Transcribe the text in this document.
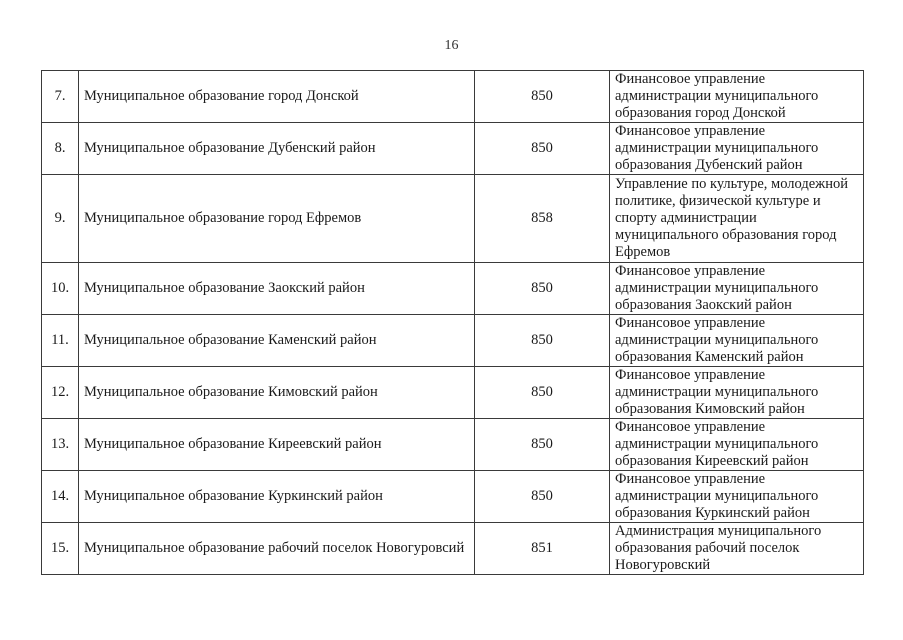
16
7.	Муниципальное образование город Донской	850	Финансовое управление
администрации муниципального
образования город Донской
8.	Муниципальное образование Дубенский район	850	Финансовое управление
администрации муниципального
образования Дубенский район
9.	Муниципальное образование город Ефремов	858	Управление по культуре, молодежной
политике, физической культуре и
спорту администрации
муниципального образования город
Ефремов
10.	Муниципальное образование Заокский район	850	Финансовое управление
администрации муниципального
образования Заокский район
11.	Муниципальное образование Каменский район	850	Финансовое управление
администрации муниципального
образования Каменский район
12.	Муниципальное образование Кимовский район	850	Финансовое управление
администрации муниципального
образования Кимовский район
13.	Муниципальное образование Киреевский район	850	Финансовое управление
администрации муниципального
образования Киреевский район
14.	Муниципальное образование Куркинский район	850	Финансовое управление
администрации муниципального
образования Куркинский район
15.	Муниципальное образование рабочий поселок Новогуровсий	851	Администрация муниципального
образования рабочий поселок
Новогуровский
